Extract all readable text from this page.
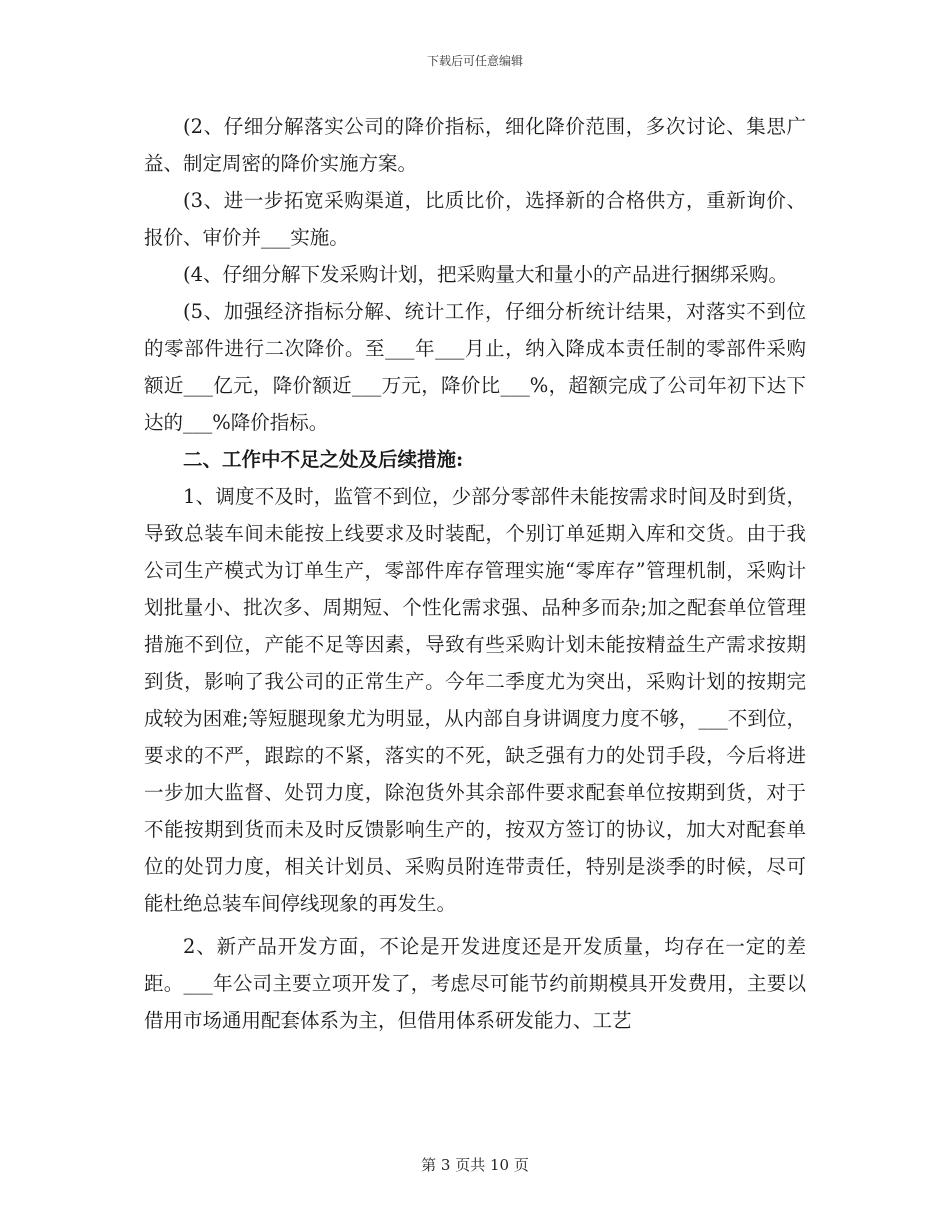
下载后可任意编辑

(2、仔细分解落实公司的降价指标，细化降价范围，多次讨论、集思广益、制定周密的降价实施方案。

(3、进一步拓宽采购渠道，比质比价，选择新的合格供方，重新询价、报价、审价并___实施。

(4、仔细分解下发采购计划，把采购量大和量小的产品进行捆绑采购。

(5、加强经济指标分解、统计工作，仔细分析统计结果，对落实不到位的零部件进行二次降价。至___年___月止，纳入降成本责任制的零部件采购额近___亿元，降价额近___万元，降价比___%，超额完成了公司年初下达下达的___%降价指标。

二、工作中不足之处及后续措施:

1、调度不及时，监管不到位，少部分零部件未能按需求时间及时到货，导致总装车间未能按上线要求及时装配，个别订单延期入库和交货。由于我公司生产模式为订单生产，零部件库存管理实施“零库存”管理机制，采购计划批量小、批次多、周期短、个性化需求强、品种多而杂;加之配套单位管理措施不到位，产能不足等因素，导致有些采购计划未能按精益生产需求按期到货，影响了我公司的正常生产。今年二季度尤为突出，采购计划的按期完成较为困难;等短腿现象尤为明显，从内部自身讲调度力度不够，___不到位，要求的不严，跟踪的不紧，落实的不死，缺乏强有力的处罚手段，今后将进一步加大监督、处罚力度，除泡货外其余部件要求配套单位按期到货，对于不能按期到货而未及时反馈影响生产的，按双方签订的协议，加大对配套单位的处罚力度，相关计划员、采购员附连带责任，特别是淡季的时候，尽可能杜绝总装车间停线现象的再发生。

2、新产品开发方面，不论是开发进度还是开发质量，均存在一定的差距。___年公司主要立项开发了，考虑尽可能节约前期模具开发费用，主要以借用市场通用配套体系为主，但借用体系研发能力、工艺

第 3 页共 10 页
